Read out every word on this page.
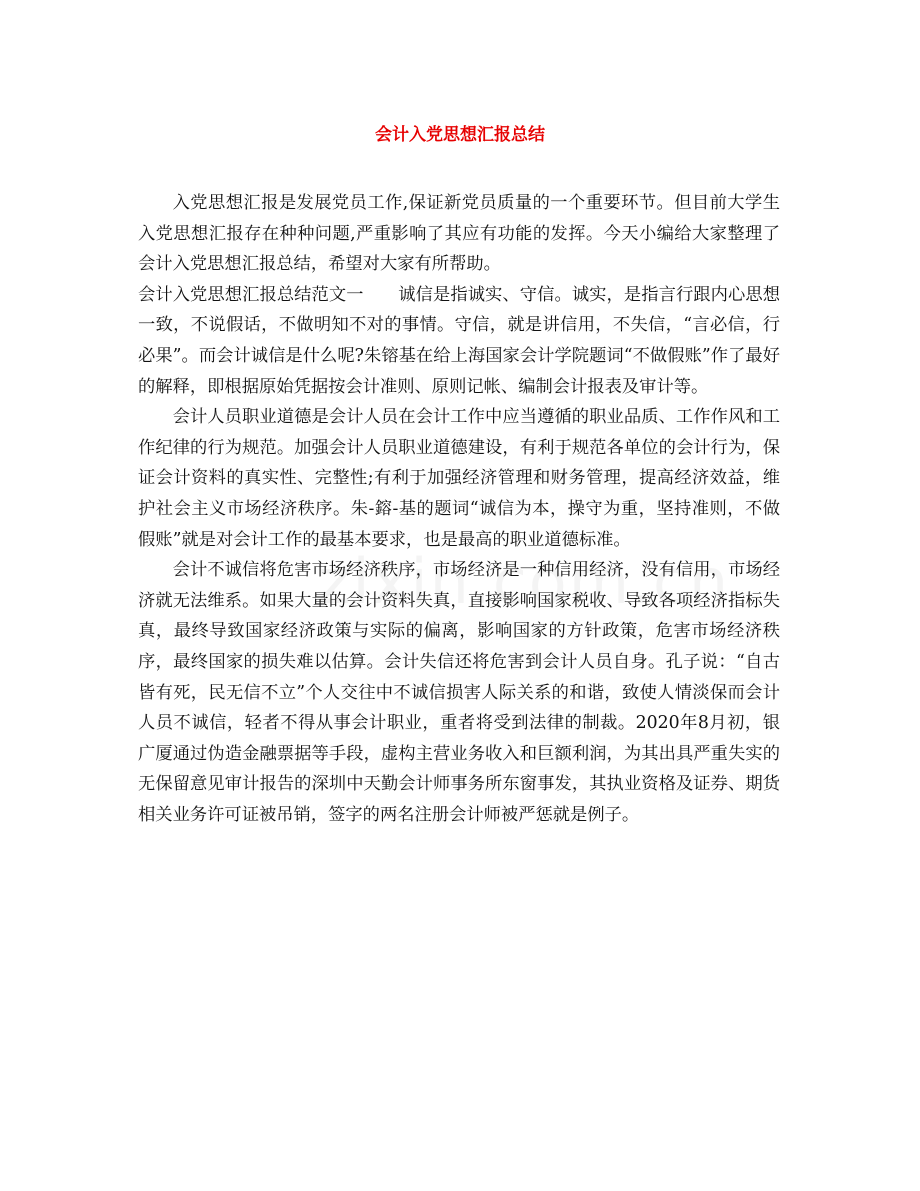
会计入党思想汇报总结

入党思想汇报是发展党员工作,保证新党员质量的一个重要环节。但目前大学生入党思想汇报存在种种问题,严重影响了其应有功能的发挥。今天小编给大家整理了会计入党思想汇报总结，希望对大家有所帮助。

会计入党思想汇报总结范文一　　诚信是指诚实、守信。诚实，是指言行跟内心思想一致，不说假话，不做明知不对的事情。守信，就是讲信用，不失信，“言必信，行必果”。而会计诚信是什么呢?朱镕基在给上海国家会计学院题词“不做假账”作了最好的解释，即根据原始凭据按会计准则、原则记帐、编制会计报表及审计等。

会计人员职业道德是会计人员在会计工作中应当遵循的职业品质、工作作风和工作纪律的行为规范。加强会计人员职业道德建设，有利于规范各单位的会计行为，保证会计资料的真实性、完整性;有利于加强经济管理和财务管理，提高经济效益，维护社会主义市场经济秩序。朱-鎔-基的题词“诚信为本，操守为重，坚持准则，不做假账”就是对会计工作的最基本要求，也是最高的职业道德标准。

会计不诚信将危害市场经济秩序，市场经济是一种信用经济，没有信用，市场经济就无法维系。如果大量的会计资料失真，直接影响国家税收、导致各项经济指标失真，最终导致国家经济政策与实际的偏离，影响国家的方针政策，危害市场经济秩序，最终国家的损失难以估算。会计失信还将危害到会计人员自身。孔子说：“自古皆有死，民无信不立”个人交往中不诚信损害人际关系的和谐，致使人情淡保而会计人员不诚信，轻者不得从事会计职业，重者将受到法律的制裁。2020年8月初，银广厦通过伪造金融票据等手段，虚构主营业务收入和巨额利润，为其出具严重失实的无保留意见审计报告的深圳中天勤会计师事务所东窗事发，其执业资格及证券、期货相关业务许可证被吊销，签字的两名注册会计师被严惩就是例子。
